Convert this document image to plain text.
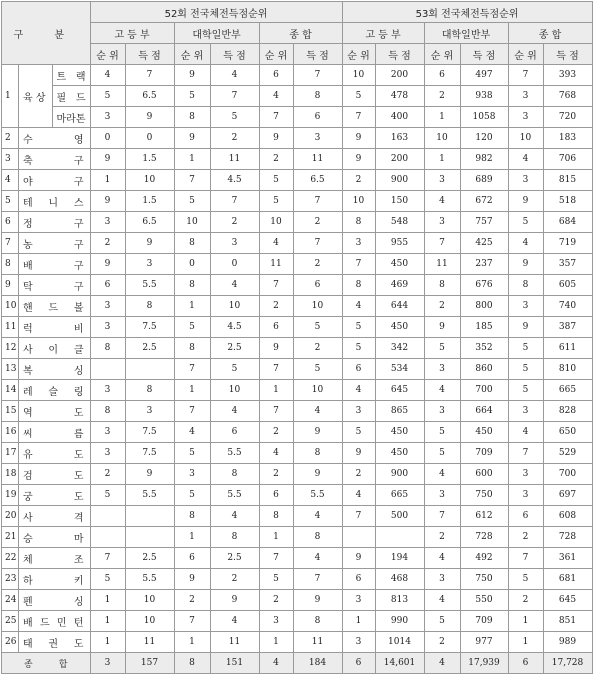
구 분			52회 전국체전득점순위						53회 전국체전득점순위					
			고 등 부		대학일반부		종 합		고 등 부		대학일반부		종 합	
			순 위	득 점	순 위	득 점	순 위	득 점	순 위	득 점	순 위	득 점	순 위	득 점
1	육 상	트 랙	4	7	9	4	6	7	10	200	6	497	7	393
		필 드	5	6.5	5	7	4	8	5	478	2	938	3	768
		마라톤	3	9	8	5	7	6	7	400	1	1058	3	720
2	수 영		0	0	9	2	9	3	9	163	10	120	10	183
3	축 구		9	1.5	1	11	2	11	9	200	1	982	4	706
4	야 구		1	10	7	4.5	5	6.5	2	900	3	689	3	815
5	테 니 스		9	1.5	5	7	5	7	10	150	4	672	9	518
6	정 구		3	6.5	10	2	10	2	8	548	3	757	5	684
7	농 구		2	9	8	3	4	7	3	955	7	425	4	719
8	배 구		9	3	0	0	11	2	7	450	11	237	9	357
9	탁 구		6	5.5	8	4	7	6	8	469	8	676	8	605
10	핸 드 볼		3	8	1	10	2	10	4	644	2	800	3	740
11	럭 비		3	7.5	5	4.5	6	5	5	450	9	185	9	387
12	사 이 클		8	2.5	8	2.5	9	2	5	342	5	352	5	611
13	복 싱				7	5	7	5	6	534	3	860	5	810
14	레 슬 링		3	8	1	10	1	10	4	645	4	700	5	665
15	역 도		8	3	7	4	7	4	3	865	3	664	3	828
16	씨 름		3	7.5	4	6	2	9	5	450	5	450	4	650
17	유 도		3	7.5	5	5.5	4	8	9	450	5	709	7	529
18	검 도		2	9	3	8	2	9	2	900	4	600	3	700
19	궁 도		5	5.5	5	5.5	6	5.5	4	665	3	750	3	697
20	사 격				8	4	8	4	7	500	7	612	6	608
21	승 마				1	8	1	8			2	728	2	728
22	체 조		7	2.5	6	2.5	7	4	9	194	4	492	7	361
23	하 키		5	5.5	9	2	5	7	6	468	3	750	5	681
24	펜 싱		1	10	2	9	2	9	3	813	4	550	2	645
25	배 드 민 턴		1	10	7	4	3	8	1	990	5	709	1	851
26	태 권 도		1	11	1	11	1	11	3	1014	2	977	1	989
종 합			3	157	8	151	4	184	6	14,601	4	17,939	6	17,728
